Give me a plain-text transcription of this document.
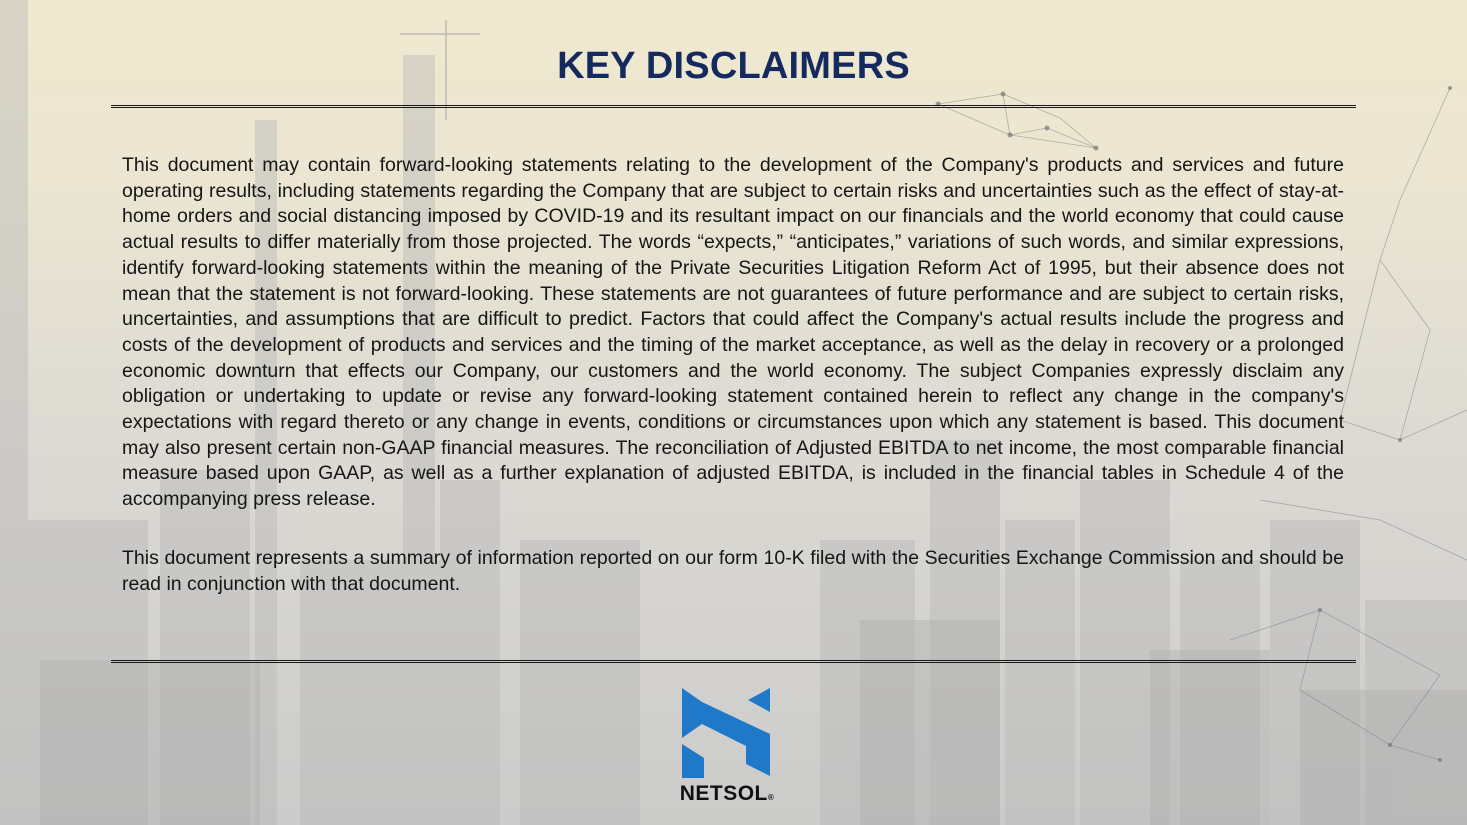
KEY DISCLAIMERS

This document may contain forward-looking statements relating to the development of the Company's products and services and future operating results, including statements regarding the Company that are subject to certain risks and uncertainties such as the effect of stay-at-home orders and social distancing imposed by COVID-19 and its resultant impact on our financials and the world economy that could cause actual results to differ materially from those projected. The words “expects,” “anticipates,” variations of such words, and similar expressions, identify forward-looking statements within the meaning of the Private Securities Litigation Reform Act of 1995, but their absence does not mean that the statement is not forward-looking. These statements are not guarantees of future performance and are subject to certain risks, uncertainties, and assumptions that are difficult to predict. Factors that could affect the Company's actual results include the progress and costs of the development of products and services and the timing of the market acceptance, as well as the delay in recovery or a prolonged economic downturn that effects our Company, our customers and the world economy. The subject Companies expressly disclaim any obligation or undertaking to update or revise any forward-looking statement contained herein to reflect any change in the company's expectations with regard thereto or any change in events, conditions or circumstances upon which any statement is based. This document may also present certain non-GAAP financial measures. The reconciliation of Adjusted EBITDA to net income, the most comparable financial measure based upon GAAP, as well as a further explanation of adjusted EBITDA, is included in the financial tables in Schedule 4 of the accompanying press release.

This document represents a summary of information reported on our form 10-K filed with the Securities Exchange Commission and should be read in conjunction with that document.

NETSOL®
